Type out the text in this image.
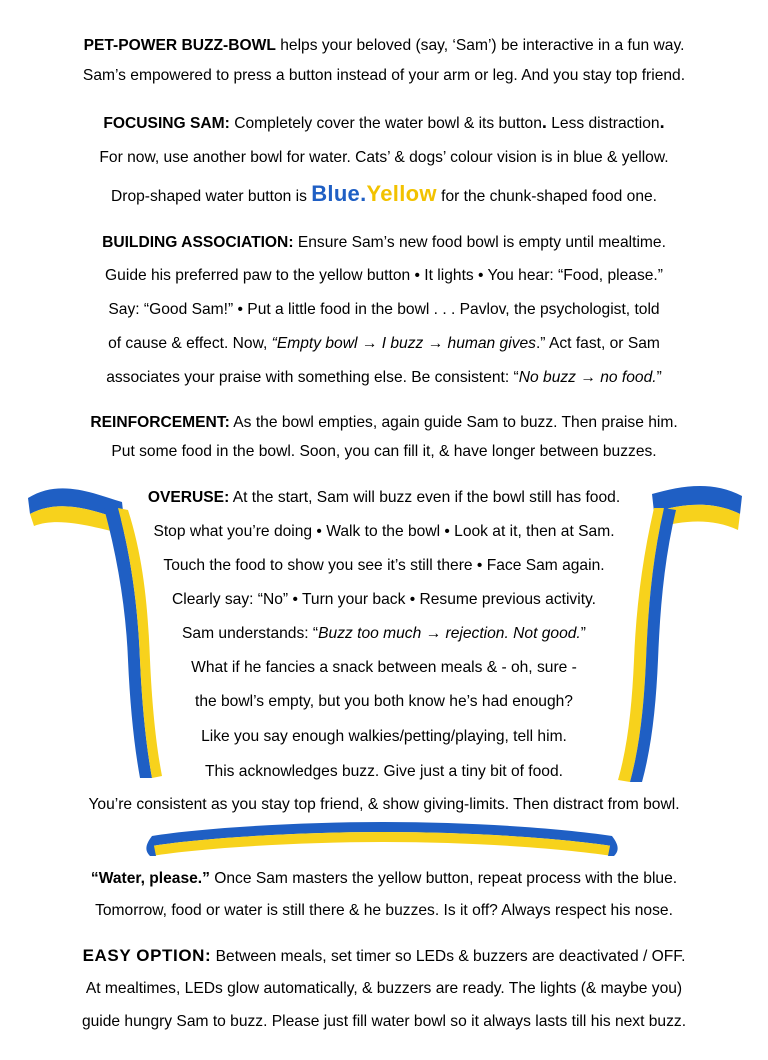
PET-POWER BUZZ-BOWL helps your beloved (say, ‘Sam’) be interactive in a fun way.
Sam’s empowered to press a button instead of your arm or leg. And you stay top friend.
FOCUSING SAM: Completely cover the water bowl & its button. Less distraction.
For now, use another bowl for water. Cats’ & dogs’ colour vision is in blue & yellow.
Drop-shaped water button is Blue.Yellow for the chunk-shaped food one.
BUILDING ASSOCIATION: Ensure Sam’s new food bowl is empty until mealtime.
Guide his preferred paw to the yellow button • It lights • You hear: “Food, please.”
Say: “Good Sam!” • Put a little food in the bowl . . . Pavlov, the psychologist, told
of cause & effect. Now, “Empty bowl → I buzz → human gives.” Act fast, or Sam
associates your praise with something else. Be consistent: “No buzz → no food.”
REINFORCEMENT: As the bowl empties, again guide Sam to buzz. Then praise him.
Put some food in the bowl. Soon, you can fill it, & have longer between buzzes.
OVERUSE: At the start, Sam will buzz even if the bowl still has food.
Stop what you’re doing • Walk to the bowl • Look at it, then at Sam.
Touch the food to show you see it’s still there • Face Sam again.
Clearly say: “No” • Turn your back • Resume previous activity.
Sam understands: “Buzz too much → rejection. Not good.”
What if he fancies a snack between meals & - oh, sure -
the bowl’s empty, but you both know he’s had enough?
Like you say enough walkies/petting/playing, tell him.
This acknowledges buzz. Give just a tiny bit of food.
You’re consistent as you stay top friend, & show giving-limits. Then distract from bowl.
“Water, please.” Once Sam masters the yellow button, repeat process with the blue.
Tomorrow, food or water is still there & he buzzes. Is it off? Always respect his nose.
EASY OPTION: Between meals, set timer so LEDs & buzzers are deactivated / OFF.
At mealtimes, LEDs glow automatically, & buzzers are ready. The lights (& maybe you)
guide hungry Sam to buzz. Please just fill water bowl so it always lasts till his next buzz.
